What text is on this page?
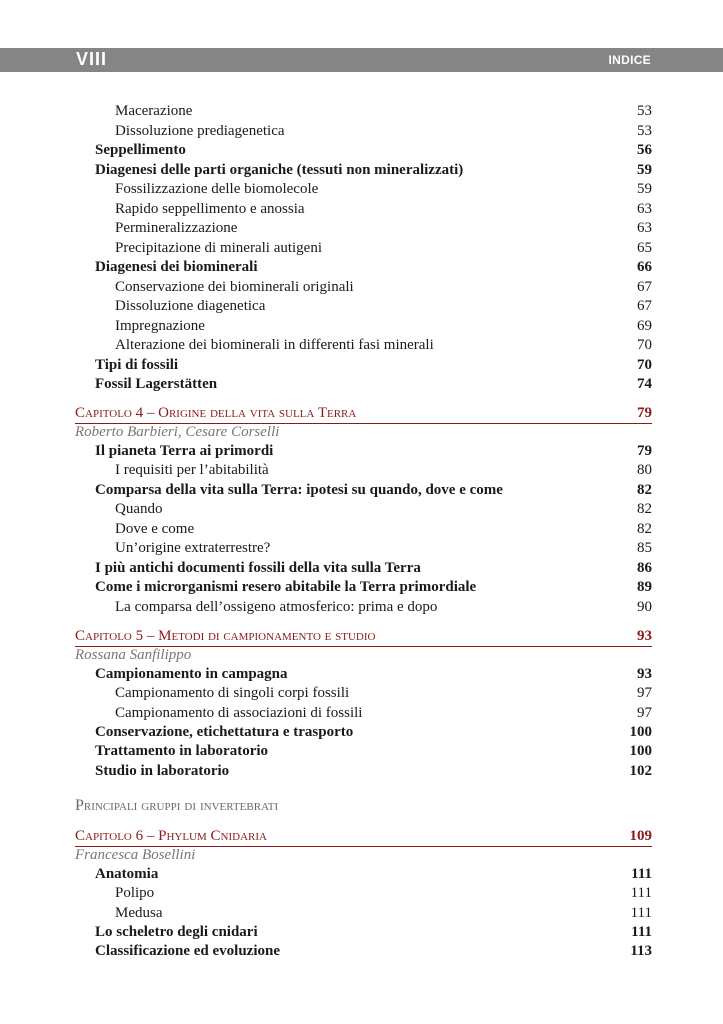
VIII	INDICE
Macerazione	53
Dissoluzione prediagenetica	53
Seppellimento	56
Diagenesi delle parti organiche (tessuti non mineralizzati)	59
Fossilizzazione delle biomolecole	59
Rapido seppellimento e anossia	63
Permineralizzazione	63
Precipitazione di minerali autigeni	65
Diagenesi dei biominerali	66
Conservazione dei biominerali originali	67
Dissoluzione diagenetica	67
Impregnazione	69
Alterazione dei biominerali in differenti fasi minerali	70
Tipi di fossili	70
Fossil Lagerstätten	74
Capitolo 4 – Origine della vita sulla Terra	79
Roberto Barbieri, Cesare Corselli
Il pianeta Terra ai primordi	79
I requisiti per l’abitabilità	80
Comparsa della vita sulla Terra: ipotesi su quando, dove e come	82
Quando	82
Dove e come	82
Un’origine extraterrestre?	85
I più antichi documenti fossili della vita sulla Terra	86
Come i microrganismi resero abitabile la Terra primordiale	89
La comparsa dell’ossigeno atmosferico: prima e dopo	90
Capitolo 5 – Metodi di campionamento e studio	93
Rossana Sanfilippo
Campionamento in campagna	93
Campionamento di singoli corpi fossili	97
Campionamento di associazioni di fossili	97
Conservazione, etichettatura e trasporto	100
Trattamento in laboratorio	100
Studio in laboratorio	102
Principali gruppi di invertebrati
Capitolo 6 – Phylum Cnidaria	109
Francesca Bosellini
Anatomia	111
Polipo	111
Medusa	111
Lo scheletro degli cnidari	111
Classificazione ed evoluzione	113
